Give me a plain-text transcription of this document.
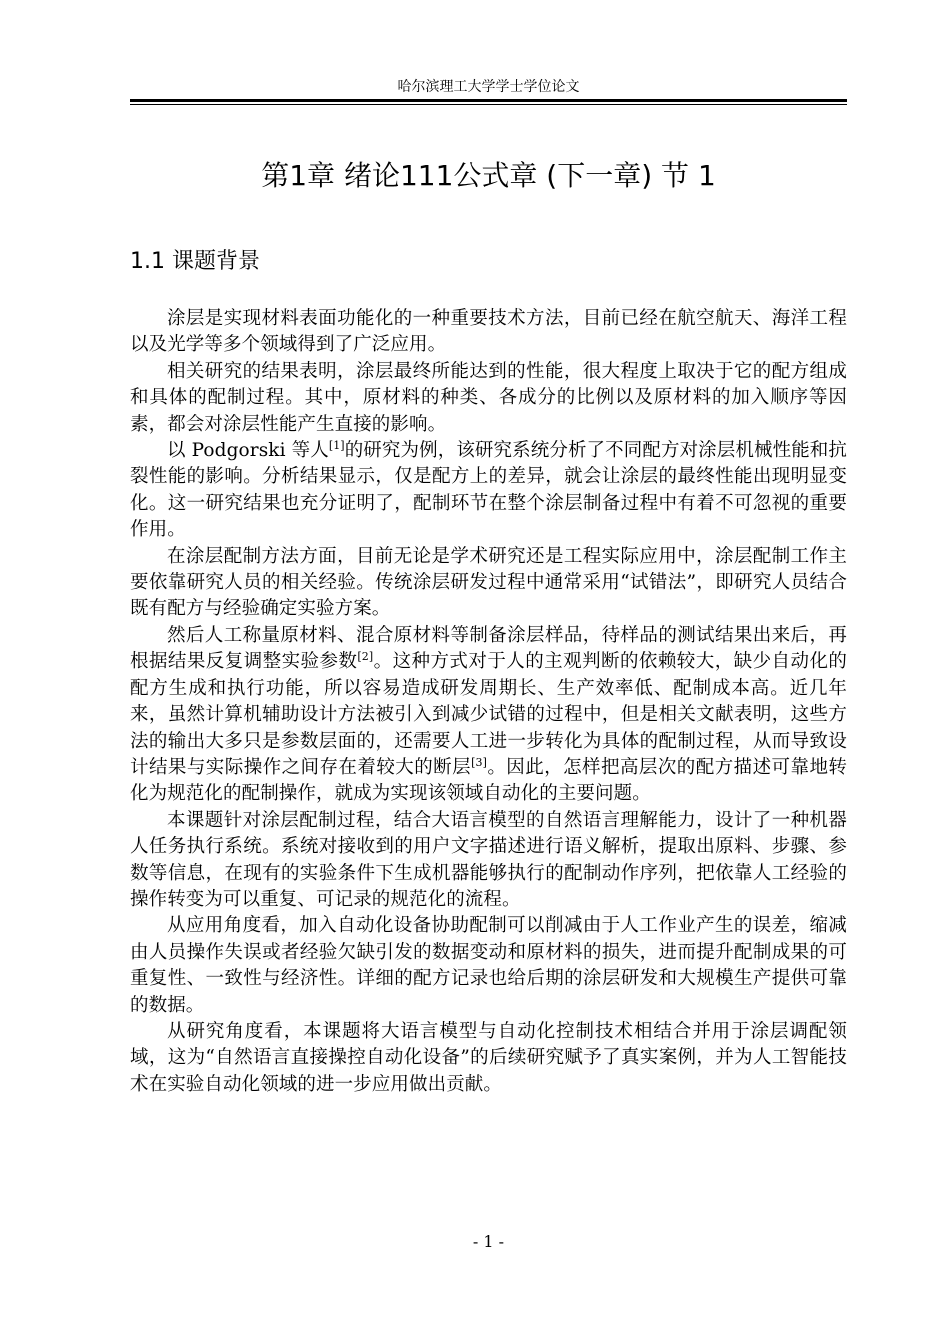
哈尔滨理工大学学士学位论文
第1章 绪论111公式章 (下一章) 节 1
1.1 课题背景

涂层是实现材料表面功能化的一种重要技术方法，目前已经在航空航天、海洋工程以及光学等多个领域得到了广泛应用。

相关研究的结果表明，涂层最终所能达到的性能，很大程度上取决于它的配方组成和具体的配制过程。其中，原材料的种类、各成分的比例以及原材料的加入顺序等因素，都会对涂层性能产生直接的影响。

以 Podgorski 等人[1]的研究为例，该研究系统分析了不同配方对涂层机械性能和抗裂性能的影响。分析结果显示，仅是配方上的差异，就会让涂层的最终性能出现明显变化。这一研究结果也充分证明了，配制环节在整个涂层制备过程中有着不可忽视的重要作用。

在涂层配制方法方面，目前无论是学术研究还是工程实际应用中，涂层配制工作主要依靠研究人员的相关经验。传统涂层研发过程中通常采用“试错法”，即研究人员结合既有配方与经验确定实验方案。

然后人工称量原材料、混合原材料等制备涂层样品，待样品的测试结果出来后，再根据结果反复调整实验参数[2]。这种方式对于人的主观判断的依赖较大，缺少自动化的配方生成和执行功能，所以容易造成研发周期长、生产效率低、配制成本高。近几年来，虽然计算机辅助设计方法被引入到减少试错的过程中，但是相关文献表明，这些方法的输出大多只是参数层面的，还需要人工进一步转化为具体的配制过程，从而导致设计结果与实际操作之间存在着较大的断层[3]。因此，怎样把高层次的配方描述可靠地转化为规范化的配制操作，就成为实现该领域自动化的主要问题。

本课题针对涂层配制过程，结合大语言模型的自然语言理解能力，设计了一种机器人任务执行系统。系统对接收到的用户文字描述进行语义解析，提取出原料、步骤、参数等信息，在现有的实验条件下生成机器能够执行的配制动作序列，把依靠人工经验的操作转变为可以重复、可记录的规范化的流程。

从应用角度看，加入自动化设备协助配制可以削减由于人工作业产生的误差，缩减由人员操作失误或者经验欠缺引发的数据变动和原材料的损失，进而提升配制成果的可重复性、一致性与经济性。详细的配方记录也给后期的涂层研发和大规模生产提供可靠的数据。

从研究角度看，本课题将大语言模型与自动化控制技术相结合并用于涂层调配领域，这为“自然语言直接操控自动化设备”的后续研究赋予了真实案例，并为人工智能技术在实验自动化领域的进一步应用做出贡献。

- 1 -
